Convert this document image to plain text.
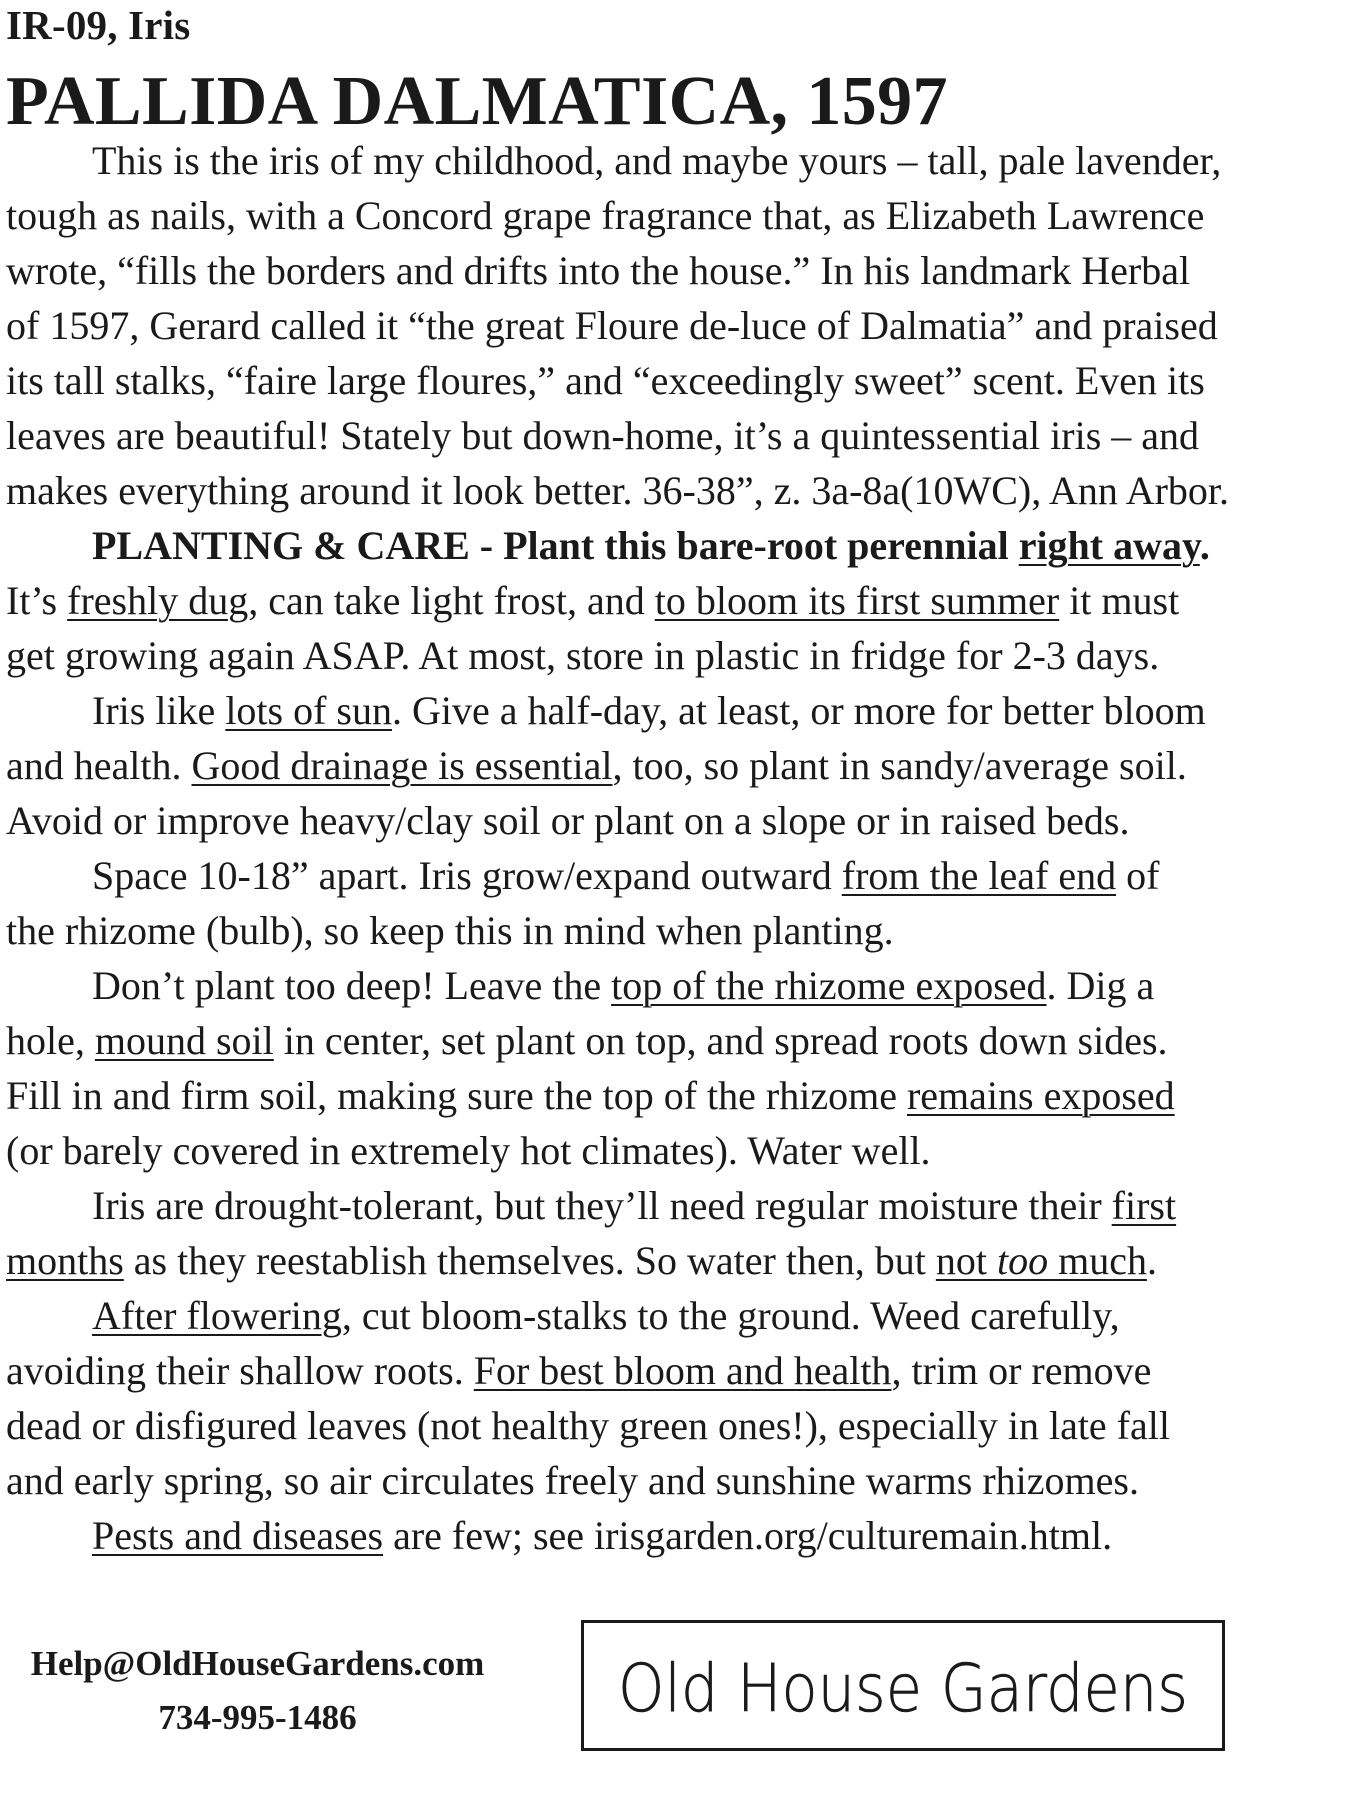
IR-09, Iris
PALLIDA DALMATICA, 1597
This is the iris of my childhood, and maybe yours – tall, pale lavender,
tough as nails, with a Concord grape fragrance that, as Elizabeth Lawrence
wrote, “fills the borders and drifts into the house.” In his landmark Herbal
of 1597, Gerard called it “the great Floure de-luce of Dalmatia” and praised
its tall stalks, “faire large floures,” and “exceedingly sweet” scent. Even its
leaves are beautiful! Stately but down-home, it’s a quintessential iris – and
makes everything around it look better. 36-38”, z. 3a-8a(10WC), Ann Arbor.
PLANTING & CARE - Plant this bare-root perennial right away.
It’s freshly dug, can take light frost, and to bloom its first summer it must
get growing again ASAP. At most, store in plastic in fridge for 2-3 days.
Iris like lots of sun. Give a half-day, at least, or more for better bloom
and health. Good drainage is essential, too, so plant in sandy/average soil.
Avoid or improve heavy/clay soil or plant on a slope or in raised beds.
Space 10-18” apart. Iris grow/expand outward from the leaf end of
the rhizome (bulb), so keep this in mind when planting.
Don’t plant too deep! Leave the top of the rhizome exposed. Dig a
hole, mound soil in center, set plant on top, and spread roots down sides.
Fill in and firm soil, making sure the top of the rhizome remains exposed
(or barely covered in extremely hot climates). Water well.
Iris are drought-tolerant, but they’ll need regular moisture their first
months as they reestablish themselves. So water then, but not too much.
After flowering, cut bloom-stalks to the ground. Weed carefully,
avoiding their shallow roots. For best bloom and health, trim or remove
dead or disfigured leaves (not healthy green ones!), especially in late fall
and early spring, so air circulates freely and sunshine warms rhizomes.
Pests and diseases are few; see irisgarden.org/culturemain.html.
Help@OldHouseGardens.com
734-995-1486	Old House Gardens
